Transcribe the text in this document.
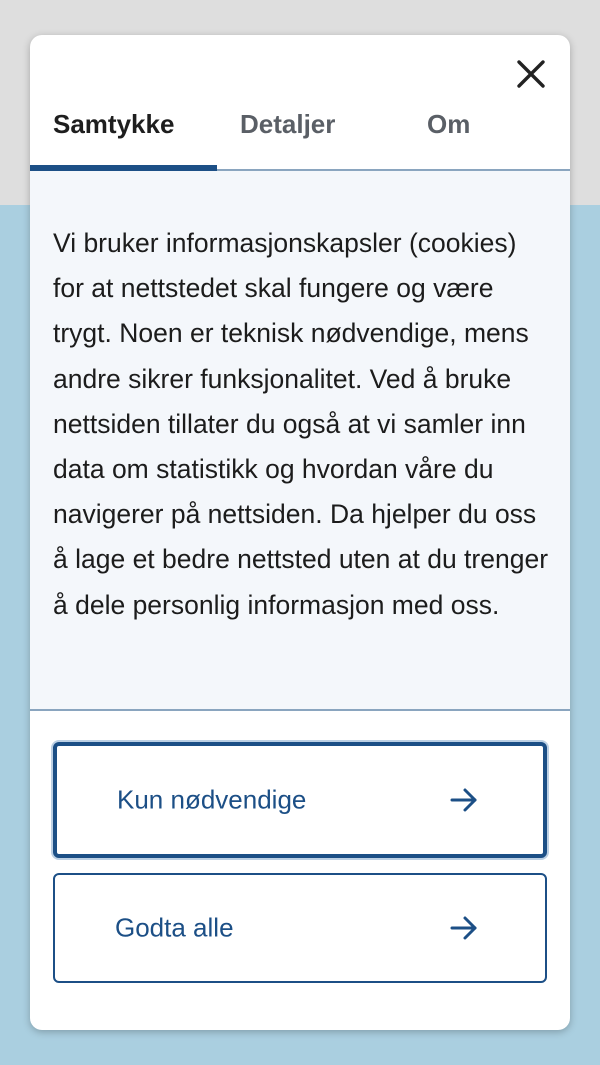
Samtykke	Detaljer	Om

Vi bruker informasjonskapsler (cookies) for at nettstedet skal fungere og være trygt. Noen er teknisk nødvendige, mens andre sikrer funksjonalitet. Ved å bruke nettsiden tillater du også at vi samler inn data om statistikk og hvordan våre du navigerer på nettsiden. Da hjelper du oss å lage et bedre nettsted uten at du trenger å dele personlig informasjon med oss.

Kun nødvendige
Godta alle
